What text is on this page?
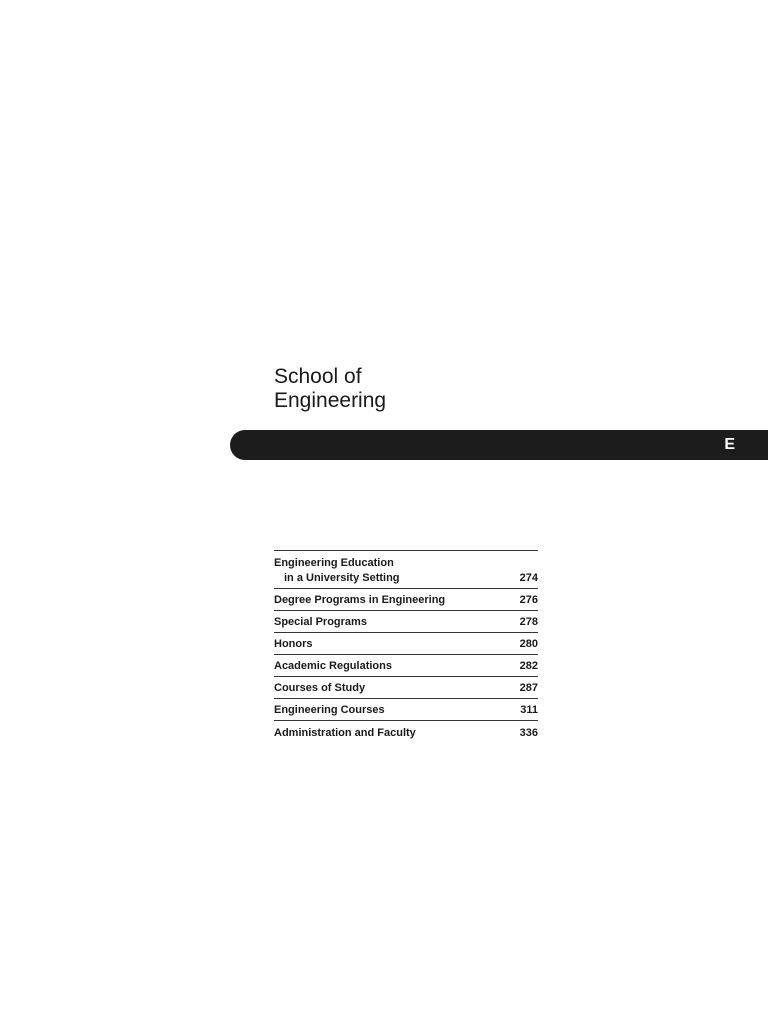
School of
Engineering
E
Engineering Education
in a University Setting	274
Degree Programs in Engineering	276
Special Programs	278
Honors	280
Academic Regulations	282
Courses of Study	287
Engineering Courses	311
Administration and Faculty	336
